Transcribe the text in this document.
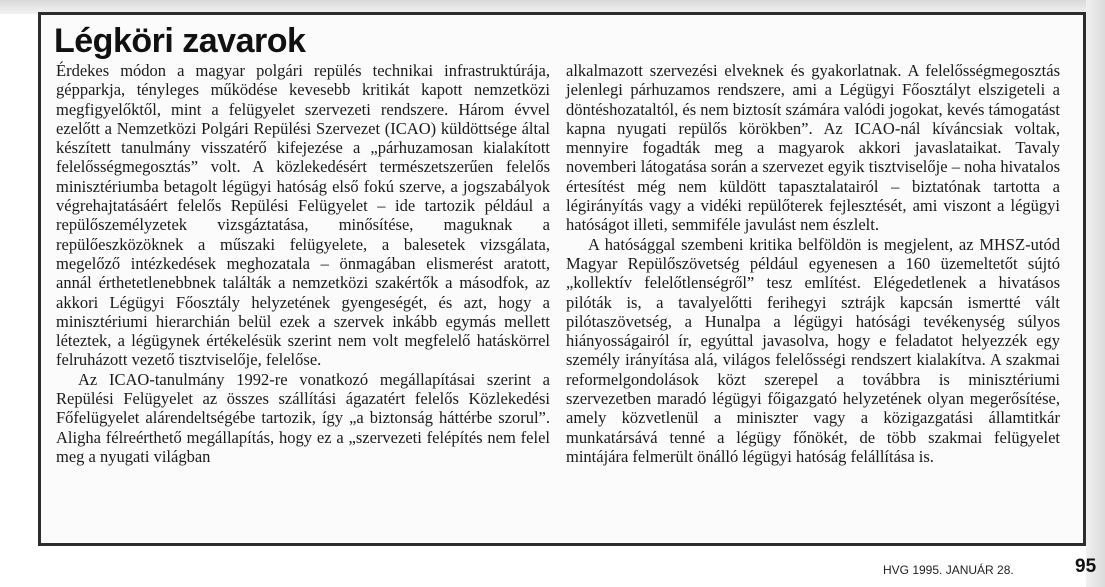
Légköri zavarok

Érdekes módon a magyar polgári repülés technikai infrastruktúrája, gépparkja, tényleges működése kevesebb kritikát kapott nemzetközi megfigyelőktől, mint a felügyelet szervezeti rendszere. Három évvel ezelőtt a Nemzetközi Polgári Repülési Szervezet (ICAO) küldöttsége által készített tanulmány visszatérő kifejezése a „párhuzamosan kialakított felelősségmegosztás” volt. A közlekedésért természetszerűen felelős minisztériumba betagolt légügyi hatóság első fokú szerve, a jogszabályok végrehajtatásáért felelős Repülési Felügyelet – ide tartozik például a repülőszemélyzetek vizsgáztatása, minősítése, maguknak a repülőeszközöknek a műszaki felügyelete, a balesetek vizsgálata, megelőző intézkedések meghozatala – önmagában elismerést aratott, annál érthetetlenebbnek találták a nemzetközi szakértők a másodfok, az akkori Légügyi Főosztály helyzetének gyengeségét, és azt, hogy a minisztériumi hierarchián belül ezek a szervek inkább egymás mellett léteztek, a légügynek értékelésük szerint nem volt megfelelő hatáskörrel felruházott vezető tisztviselője, felelőse.

Az ICAO-tanulmány 1992-re vonatkozó megállapításai szerint a Repülési Felügyelet az összes szállítási ágazatért felelős Közlekedési Főfelügyelet alárendeltségébe tartozik, így „a biztonság háttérbe szorul”. Aligha félreérthető megállapítás, hogy ez a „szervezeti felépítés nem felel meg a nyugati világban

alkalmazott szervezési elveknek és gyakorlatnak. A felelősségmegosztás jelenlegi párhuzamos rendszere, ami a Légügyi Főosztályt elszigeteli a döntéshozataltól, és nem biztosít számára valódi jogokat, kevés támogatást kapna nyugati repülős körökben”. Az ICAO-nál kíváncsiak voltak, mennyire fogadták meg a magyarok akkori javaslataikat. Tavaly novemberi látogatása során a szervezet egyik tisztviselője – noha hivatalos értesítést még nem küldött tapasztalatairól – biztatónak tartotta a légirányítás vagy a vidéki repülőterek fejlesztését, ami viszont a légügyi hatóságot illeti, semmiféle javulást nem észlelt.

A hatósággal szembeni kritika belföldön is megjelent, az MHSZ-utód Magyar Repülőszövetség például egyenesen a 160 üzemeltetőt sújtó „kollektív felelőtlenségről” tesz említést. Elégedetlenek a hivatásos pilóták is, a tavalyelőtti ferihegyi sztrájk kapcsán ismertté vált pilótaszövetség, a Hunalpa a légügyi hatósági tevékenység súlyos hiányosságairól ír, egyúttal javasolva, hogy e feladatot helyezzék egy személy irányítása alá, világos felelősségi rendszert kialakítva. A szakmai reformelgondolások közt szerepel a továbbra is minisztériumi szervezetben maradó légügyi főigazgató helyzetének olyan megerősítése, amely közvetlenül a miniszter vagy a közigazgatási államtitkár munkatársává tenné a légügy főnökét, de több szakmai felügyelet mintájára felmerült önálló légügyi hatóság felállítása is.

HVG 1995. JANUÁR 28.	95
